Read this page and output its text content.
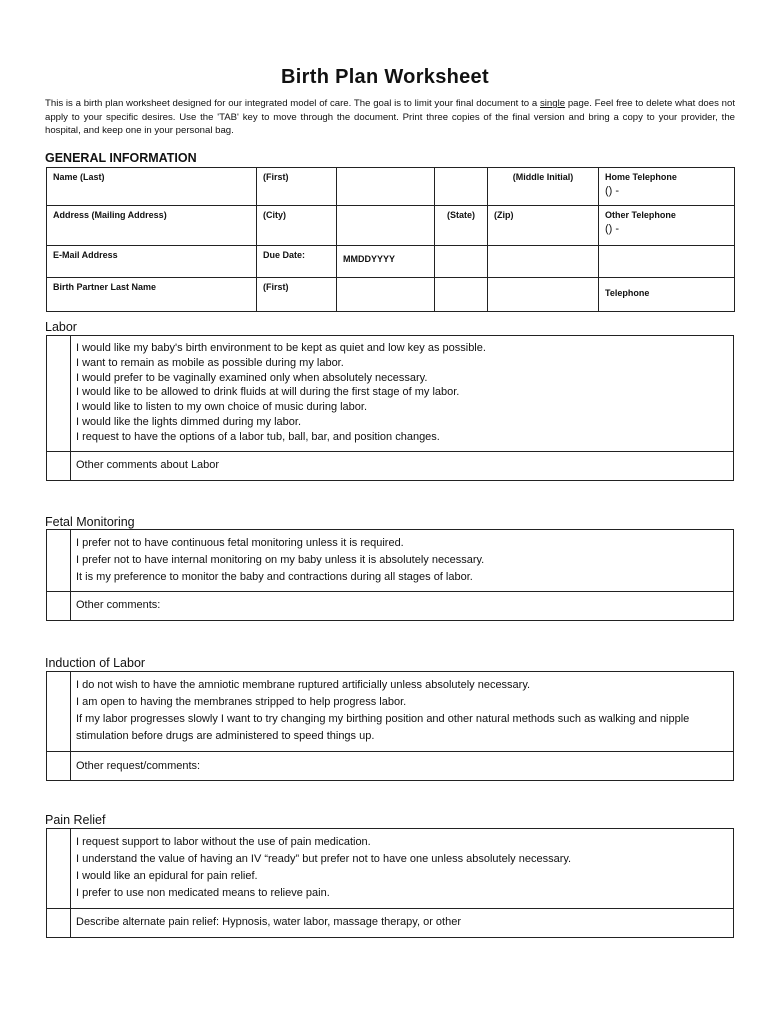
Birth Plan Worksheet
This is a birth plan worksheet designed for our integrated model of care. The goal is to limit your final document to a single page. Feel free to delete what does not apply to your specific desires. Use the 'TAB' key to move through the document. Print three copies of the final version and bring a copy to your provider, the hospital, and keep one in your personal bag.
GENERAL INFORMATION
Name (Last)	(First)			(Middle Initial)	Home Telephone
() -

Address (Mailing Address)	(City)		(State)	(Zip)	Other Telephone
() -

E-Mail Address	Due Date:	MMDDYYYY			
Birth Partner Last Name	(First)				Telephone
Labor
I would like my baby's birth environment to be kept as quiet and low key as possible.
I want to remain as mobile as possible during my labor.
I would prefer to be vaginally examined only when absolutely necessary.
I would like to be allowed to drink fluids at will during the first stage of my labor.
I would like to listen to my own choice of music during labor.
I would like the lights dimmed during my labor.
I request to have the options of a labor tub, ball, bar, and position changes.
Other comments about Labor
Fetal Monitoring
I prefer not to have continuous fetal monitoring unless it is required.
I prefer not to have internal monitoring on my baby unless it is absolutely necessary.
It is my preference to monitor the baby and contractions during all stages of labor.
Other comments:
Induction of Labor
I do not wish to have the amniotic membrane ruptured artificially unless absolutely necessary.
I am open to having the membranes stripped to help progress labor.
If my labor progresses slowly I want to try changing my birthing position and other natural methods such as walking and nipple stimulation before drugs are administered to speed things up.
Other request/comments:
Pain Relief
I request support to labor without the use of pain medication.
I understand the value of having an IV “ready” but prefer not to have one unless absolutely necessary.
I would like an epidural for pain relief.
I prefer to use non medicated means to relieve pain.
Describe alternate pain relief: Hypnosis, water labor, massage therapy, or other
